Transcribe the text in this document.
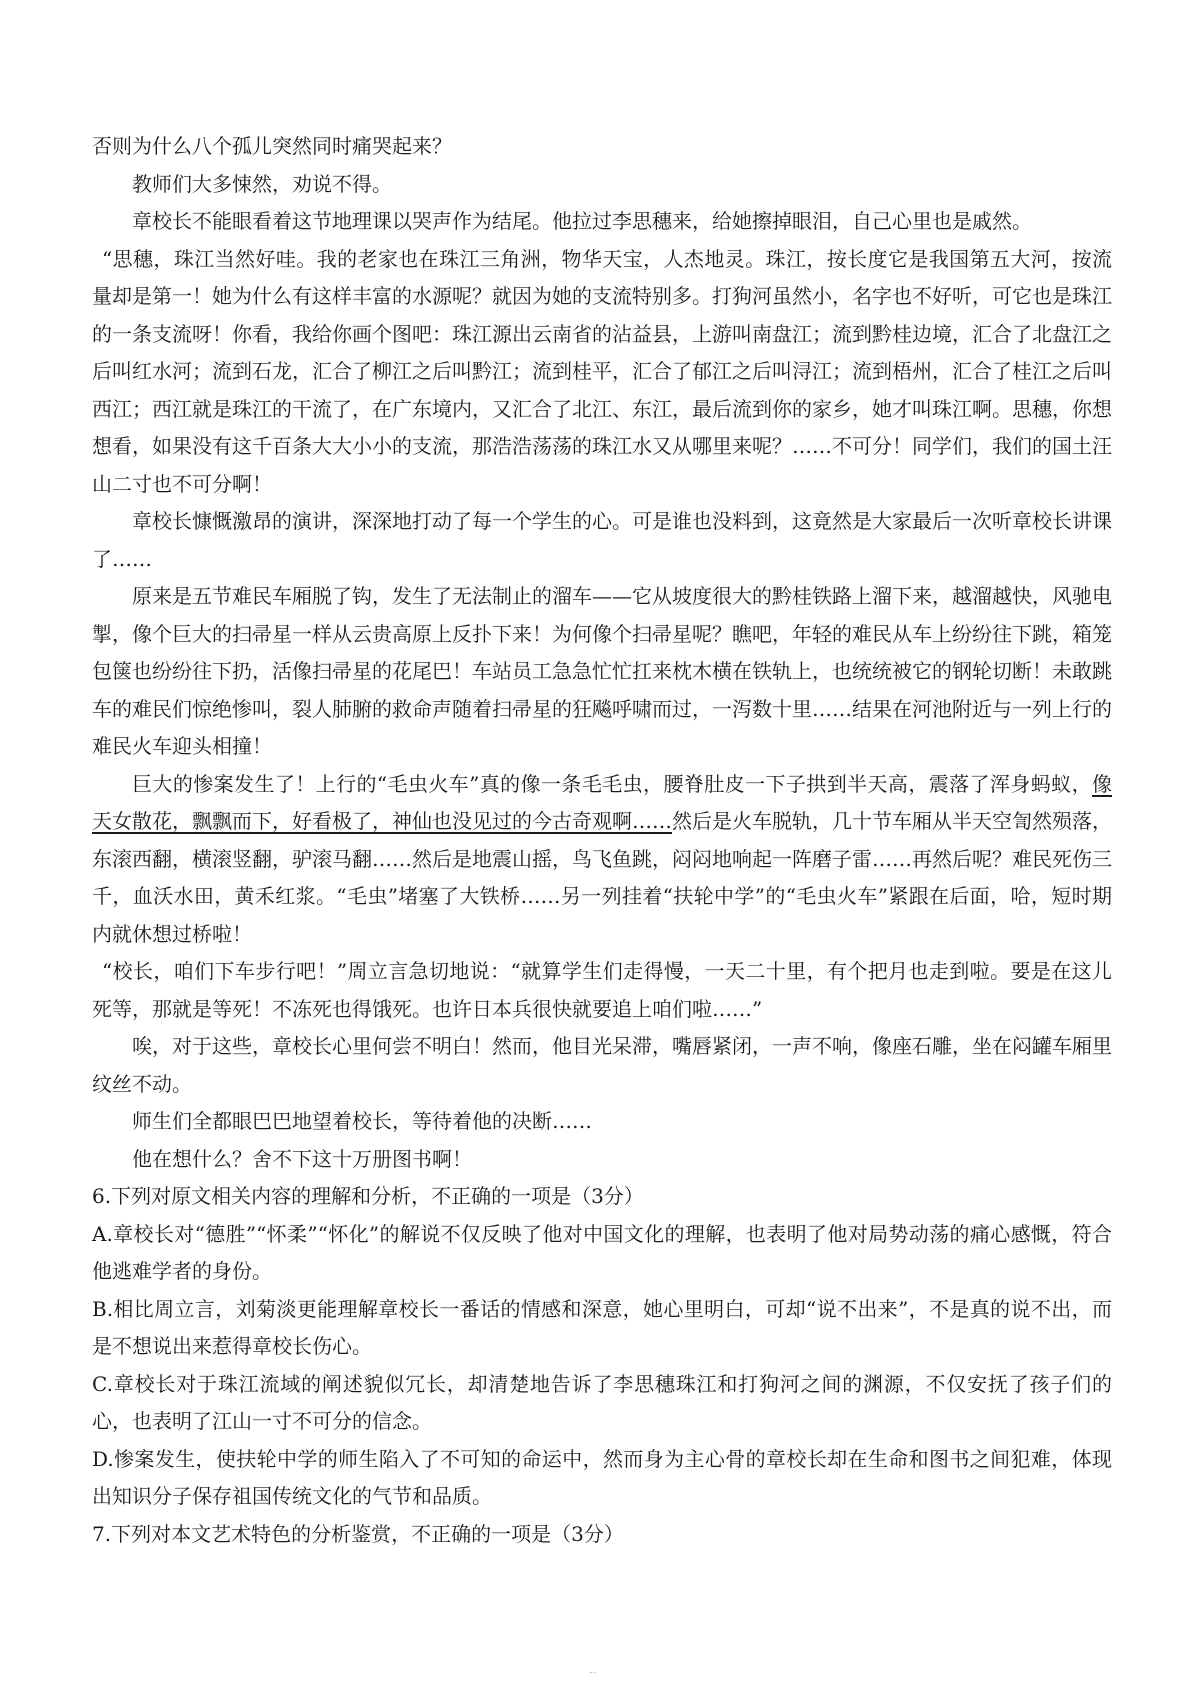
否则为什么八个孤儿突然同时痛哭起来？

教师们大多悚然，劝说不得。

章校长不能眼看着这节地理课以哭声作为结尾。他拉过李思穗来，给她擦掉眼泪，自己心里也是戚然。

“思穗，珠江当然好哇。我的老家也在珠江三角洲，物华天宝，人杰地灵。珠江，按长度它是我国第五大河，按流量却是第一！她为什么有这样丰富的水源呢？就因为她的支流特别多。打狗河虽然小，名字也不好听，可它也是珠江的一条支流呀！你看，我给你画个图吧：珠江源出云南省的沾益县，上游叫南盘江；流到黔桂边境，汇合了北盘江之后叫红水河；流到石龙，汇合了柳江之后叫黔江；流到桂平，汇合了郁江之后叫浔江；流到梧州，汇合了桂江之后叫西江；西江就是珠江的干流了，在广东境内，又汇合了北江、东江，最后流到你的家乡，她才叫珠江啊。思穗，你想想看，如果没有这千百条大大小小的支流，那浩浩荡荡的珠江水又从哪里来呢？……不可分！同学们，我们的国土汪山二寸也不可分啊！

章校长慷慨激昂的演讲，深深地打动了每一个学生的心。可是谁也没料到，这竟然是大家最后一次听章校长讲课了……

原来是五节难民车厢脱了钩，发生了无法制止的溜车——它从坡度很大的黔桂铁路上溜下来，越溜越快，风驰电掣，像个巨大的扫帚星一样从云贵高原上反扑下来！为何像个扫帚星呢？瞧吧，年轻的难民从车上纷纷往下跳，箱笼包箧也纷纷往下扔，活像扫帚星的花尾巴！车站员工急急忙忙扛来枕木横在铁轨上，也统统被它的钢轮切断！未敢跳车的难民们惊绝惨叫，裂人肺腑的救命声随着扫帚星的狂飚呼啸而过，一泻数十里……结果在河池附近与一列上行的难民火车迎头相撞！

巨大的惨案发生了！上行的“毛虫火车”真的像一条毛毛虫，腰脊肚皮一下子拱到半天高，震落了浑身蚂蚁，像天女散花，飘飘而下，好看极了，神仙也没见过的今古奇观啊……然后是火车脱轨，几十节车厢从半天空訇然殒落，东滚西翻，横滚竖翻，驴滚马翻……然后是地震山摇，鸟飞鱼跳，闷闷地响起一阵磨子雷……再然后呢？难民死伤三千，血沃水田，黄禾红浆。“毛虫”堵塞了大铁桥……另一列挂着“扶轮中学”的“毛虫火车”紧跟在后面，哈，短时期内就休想过桥啦！

“校长，咱们下车步行吧！”周立言急切地说：“就算学生们走得慢，一天二十里，有个把月也走到啦。要是在这儿死等，那就是等死！不冻死也得饿死。也许日本兵很快就要追上咱们啦……”

唉，对于这些，章校长心里何尝不明白！然而，他目光呆滞，嘴唇紧闭，一声不响，像座石雕，坐在闷罐车厢里纹丝不动。

师生们全都眼巴巴地望着校长，等待着他的决断……

他在想什么？舍不下这十万册图书啊！

6.下列对原文相关内容的理解和分析，不正确的一项是（3分）

A.章校长对“德胜”“怀柔”“怀化”的解说不仅反映了他对中国文化的理解，也表明了他对局势动荡的痛心感慨，符合他逃难学者的身份。

B.相比周立言，刘菊淡更能理解章校长一番话的情感和深意，她心里明白，可却“说不出来”，不是真的说不出，而是不想说出来惹得章校长伤心。

C.章校长对于珠江流域的阐述貌似冗长，却清楚地告诉了李思穗珠江和打狗河之间的渊源，不仅安抚了孩子们的心，也表明了江山一寸不可分的信念。

D.惨案发生，使扶轮中学的师生陷入了不可知的命运中，然而身为主心骨的章校长却在生命和图书之间犯难，体现出知识分子保存祖国传统文化的气节和品质。

7.下列对本文艺术特色的分析鉴赏，不正确的一项是（3分）
